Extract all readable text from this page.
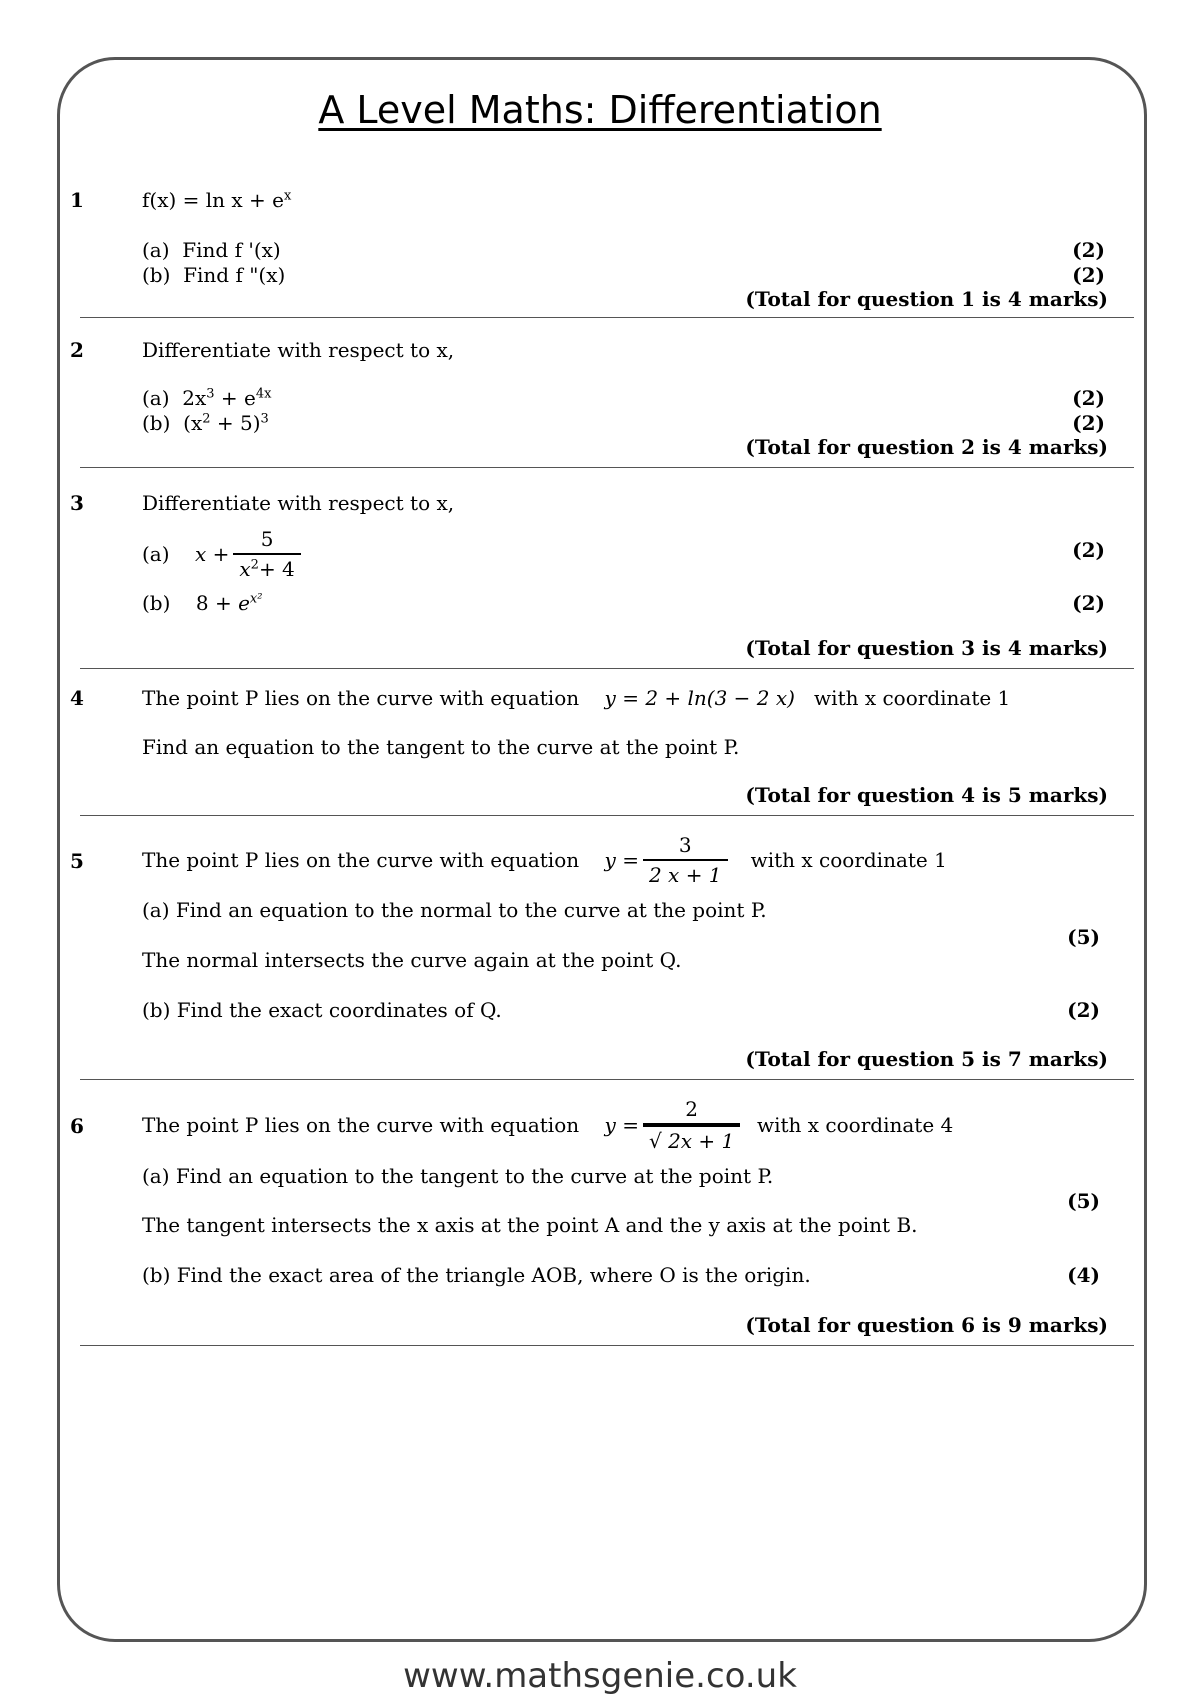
A Level Maths: Differentiation
1	$f(x) = \ln x + e^x$
(a) Find f '(x)	(2)
(b) Find f "(x)	(2)
(Total for question 1 is 4 marks)
2	Differentiate with respect to x,
(a)  $2x^3 + e^{4x}$	(2)
(b)  $(x^2 + 5)^3$	(2)
(Total for question 2 is 4 marks)
3	Differentiate with respect to x,
(a) $x + \frac{5}{x^2+ 4}$	(2)
(b) $8 + e^{x^2}$	(2)
(Total for question 3 is 4 marks)
4	The point P lies on the curve with equation y = 2 + ln(3 − 2 x) with x coordinate 1
Find an equation to the tangent to the curve at the point P.
(Total for question 4 is 5 marks)
5	The point P lies on the curve with equation $y = \frac{3}{2 x + 1}$ with x coordinate 1
(a) Find an equation to the normal to the curve at the point P.
(5)
The normal intersects the curve again at the point Q.
(b) Find the exact coordinates of Q.	(2)
(Total for question 5 is 7 marks)
6	The point P lies on the curve with equation $y = \frac{2}{√ 2x + 1}$ with x coordinate 4
(a) Find an equation to the tangent to the curve at the point P.
(5)
The tangent intersects the x axis at the point A and the y axis at the point B.
(b) Find the exact area of the triangle AOB, where O is the origin.	(4)
(Total for question 6 is 9 marks)
www.mathsgenie.co.uk
